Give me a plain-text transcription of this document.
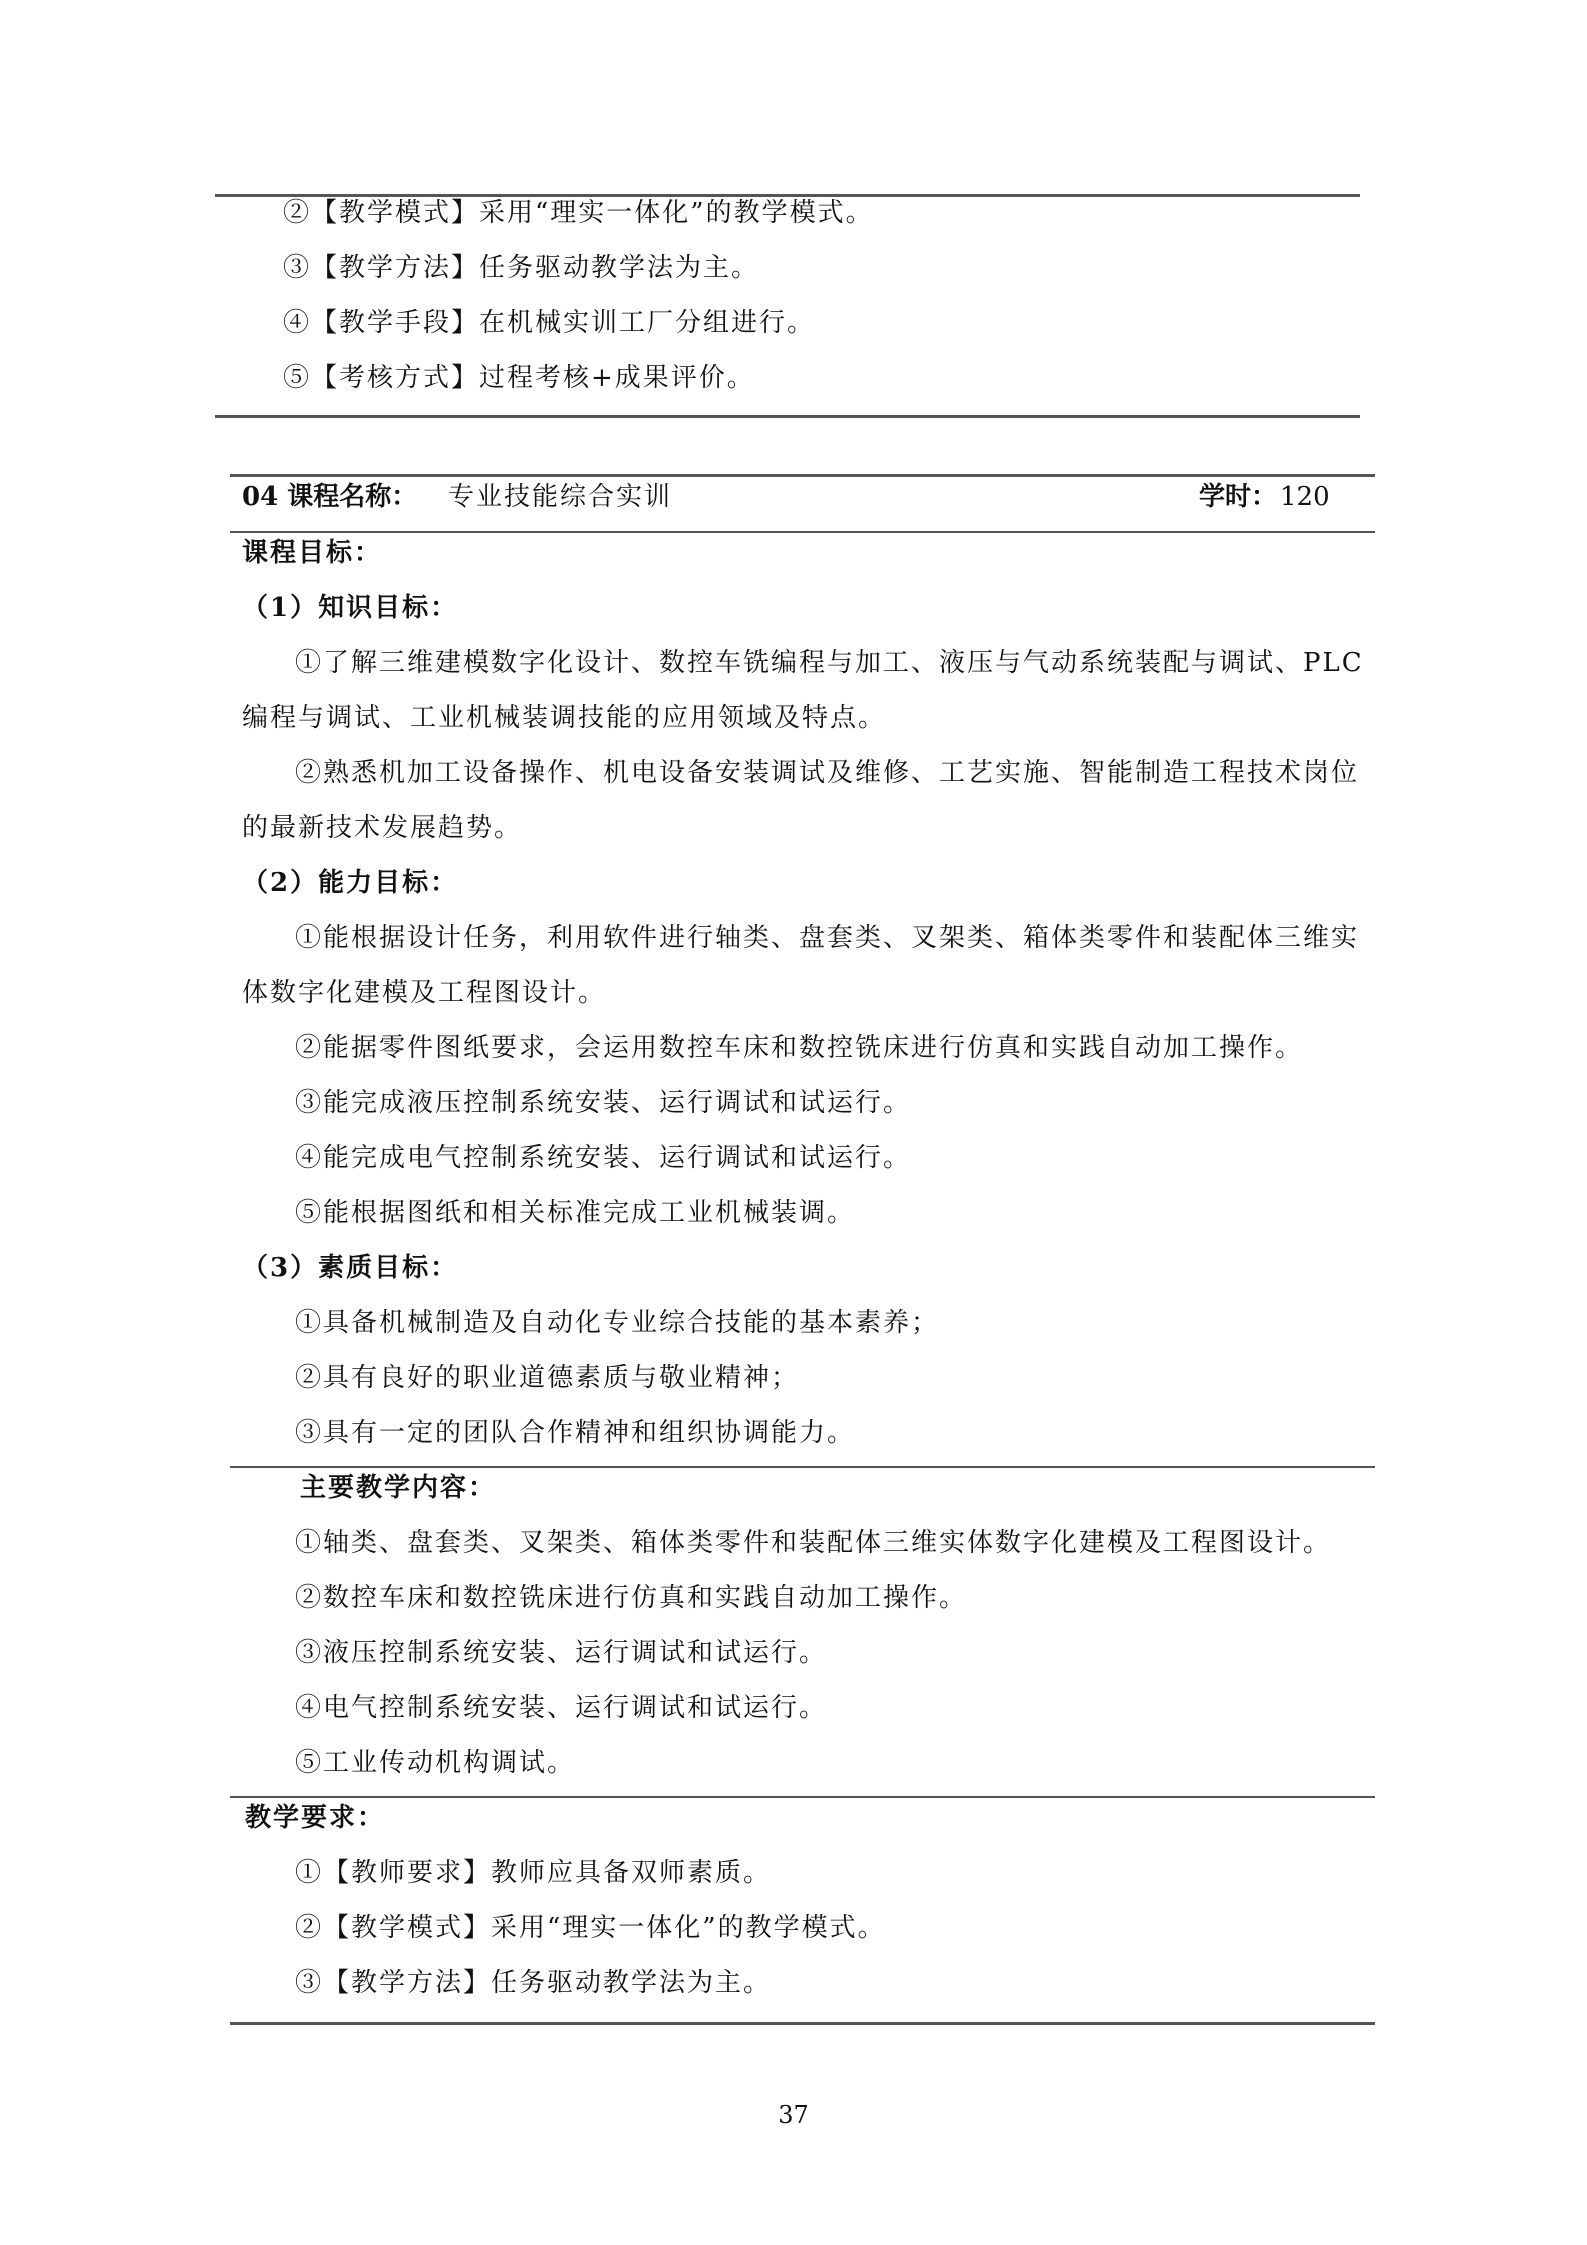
②【教学模式】采用“理实一体化”的教学模式。
③【教学方法】任务驱动教学法为主。
④【教学手段】在机械实训工厂分组进行。
⑤【考核方式】过程考核+成果评价。
04 课程名称： 专业技能综合实训	学时： 120
课程目标：
（1）知识目标：
①了解三维建模数字化设计、数控车铣编程与加工、液压与气动系统装配与调试、PLC
编程与调试、工业机械装调技能的应用领域及特点。
②熟悉机加工设备操作、机电设备安装调试及维修、工艺实施、智能制造工程技术岗位
的最新技术发展趋势。
（2）能力目标：
①能根据设计任务，利用软件进行轴类、盘套类、叉架类、箱体类零件和装配体三维实
体数字化建模及工程图设计。
②能据零件图纸要求，会运用数控车床和数控铣床进行仿真和实践自动加工操作。
③能完成液压控制系统安装、运行调试和试运行。
④能完成电气控制系统安装、运行调试和试运行。
⑤能根据图纸和相关标准完成工业机械装调。
（3）素质目标：
①具备机械制造及自动化专业综合技能的基本素养；
②具有良好的职业道德素质与敬业精神；
③具有一定的团队合作精神和组织协调能力。
主要教学内容：
①轴类、盘套类、叉架类、箱体类零件和装配体三维实体数字化建模及工程图设计。
②数控车床和数控铣床进行仿真和实践自动加工操作。
③液压控制系统安装、运行调试和试运行。
④电气控制系统安装、运行调试和试运行。
⑤工业传动机构调试。
教学要求：
①【教师要求】教师应具备双师素质。
②【教学模式】采用“理实一体化”的教学模式。
③【教学方法】任务驱动教学法为主。
37
